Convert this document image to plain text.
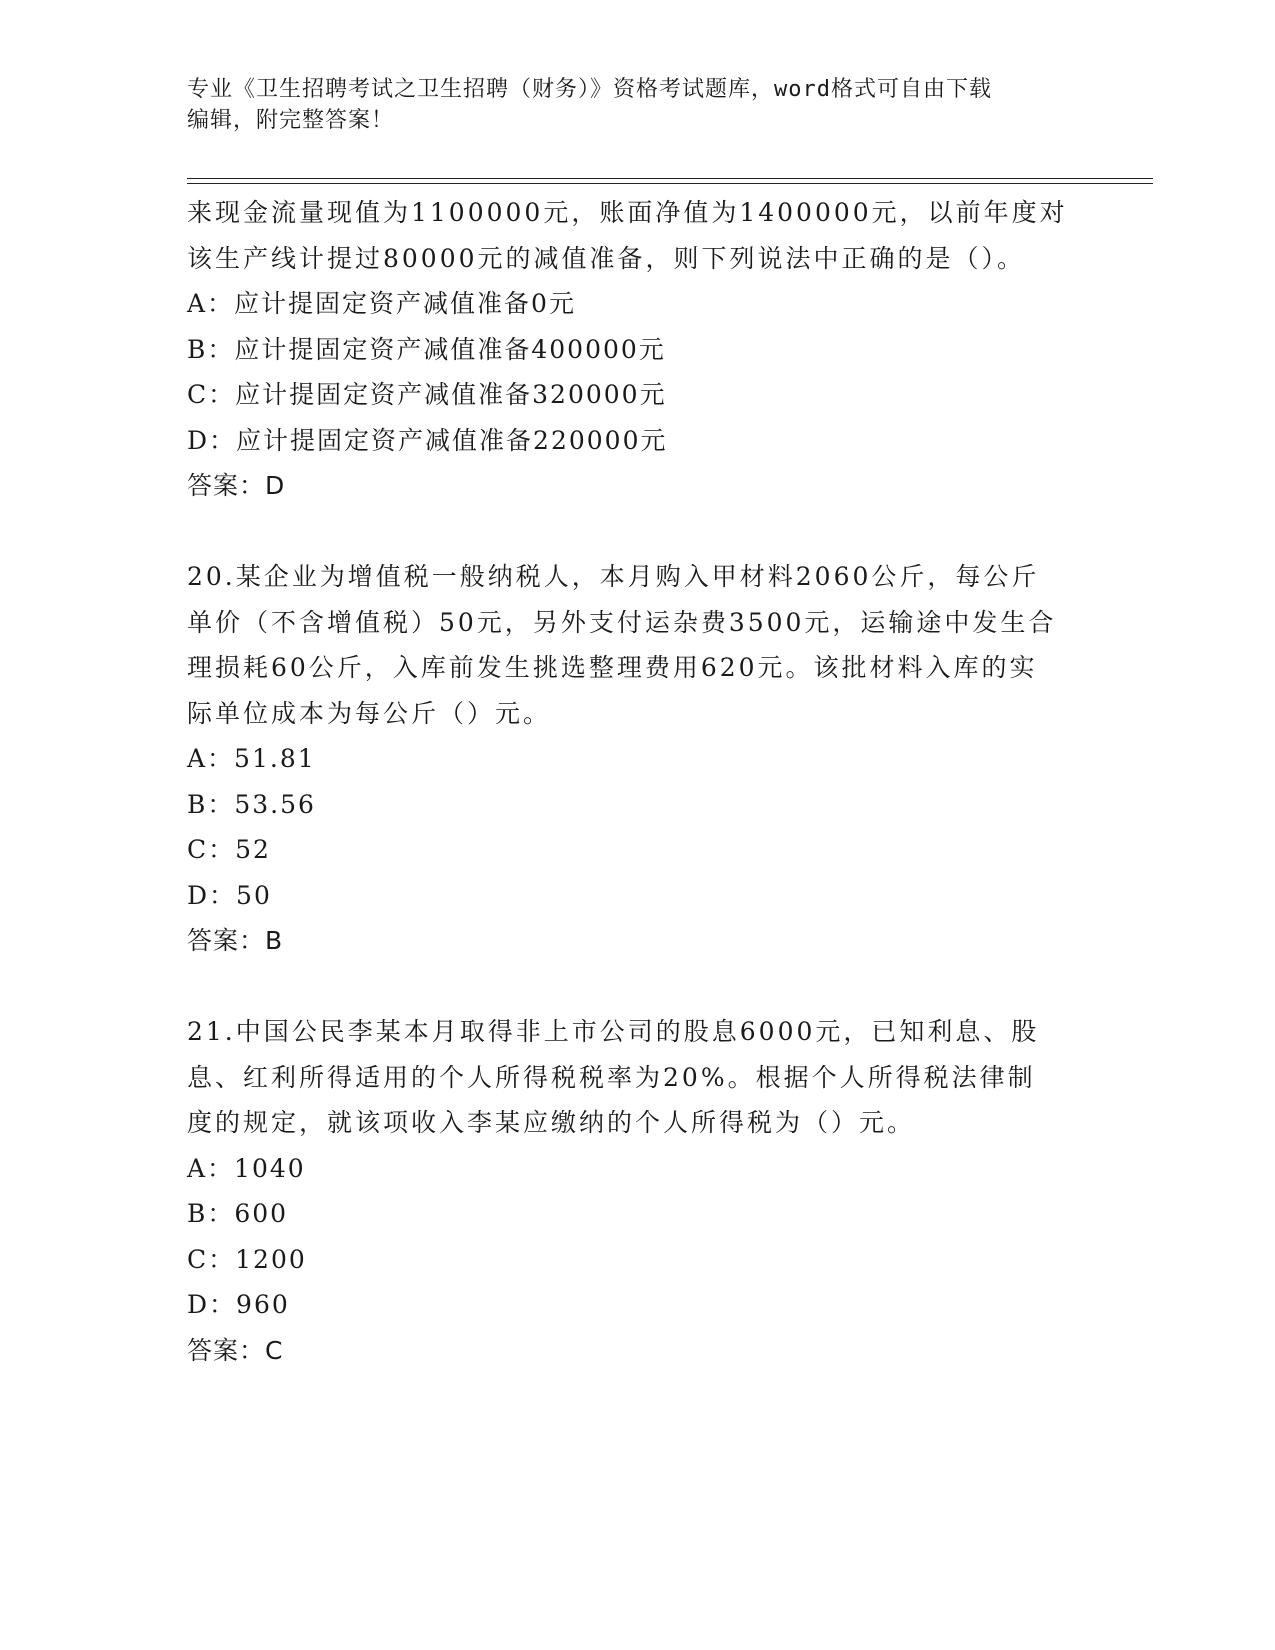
专业《卫生招聘考试之卫生招聘（财务）》资格考试题库，word格式可自由下载
编辑，附完整答案！

来现金流量现值为1100000元，账面净值为1400000元，以前年度对

该生产线计提过80000元的减值准备，则下列说法中正确的是（）。

A：应计提固定资产减值准备0元

B：应计提固定资产减值准备400000元

C：应计提固定资产减值准备320000元

D：应计提固定资产减值准备220000元

答案：D

20.某企业为增值税一般纳税人，本月购入甲材料2060公斤，每公斤

单价（不含增值税）50元，另外支付运杂费3500元，运输途中发生合

理损耗60公斤，入库前发生挑选整理费用620元。该批材料入库的实

际单位成本为每公斤（）元。

A：51.81

B：53.56

C：52

D：50

答案：B

21.中国公民李某本月取得非上市公司的股息6000元，已知利息、股

息、红利所得适用的个人所得税税率为20%。根据个人所得税法律制

度的规定，就该项收入李某应缴纳的个人所得税为（）元。

A：1040

B：600

C：1200

D：960

答案：C
